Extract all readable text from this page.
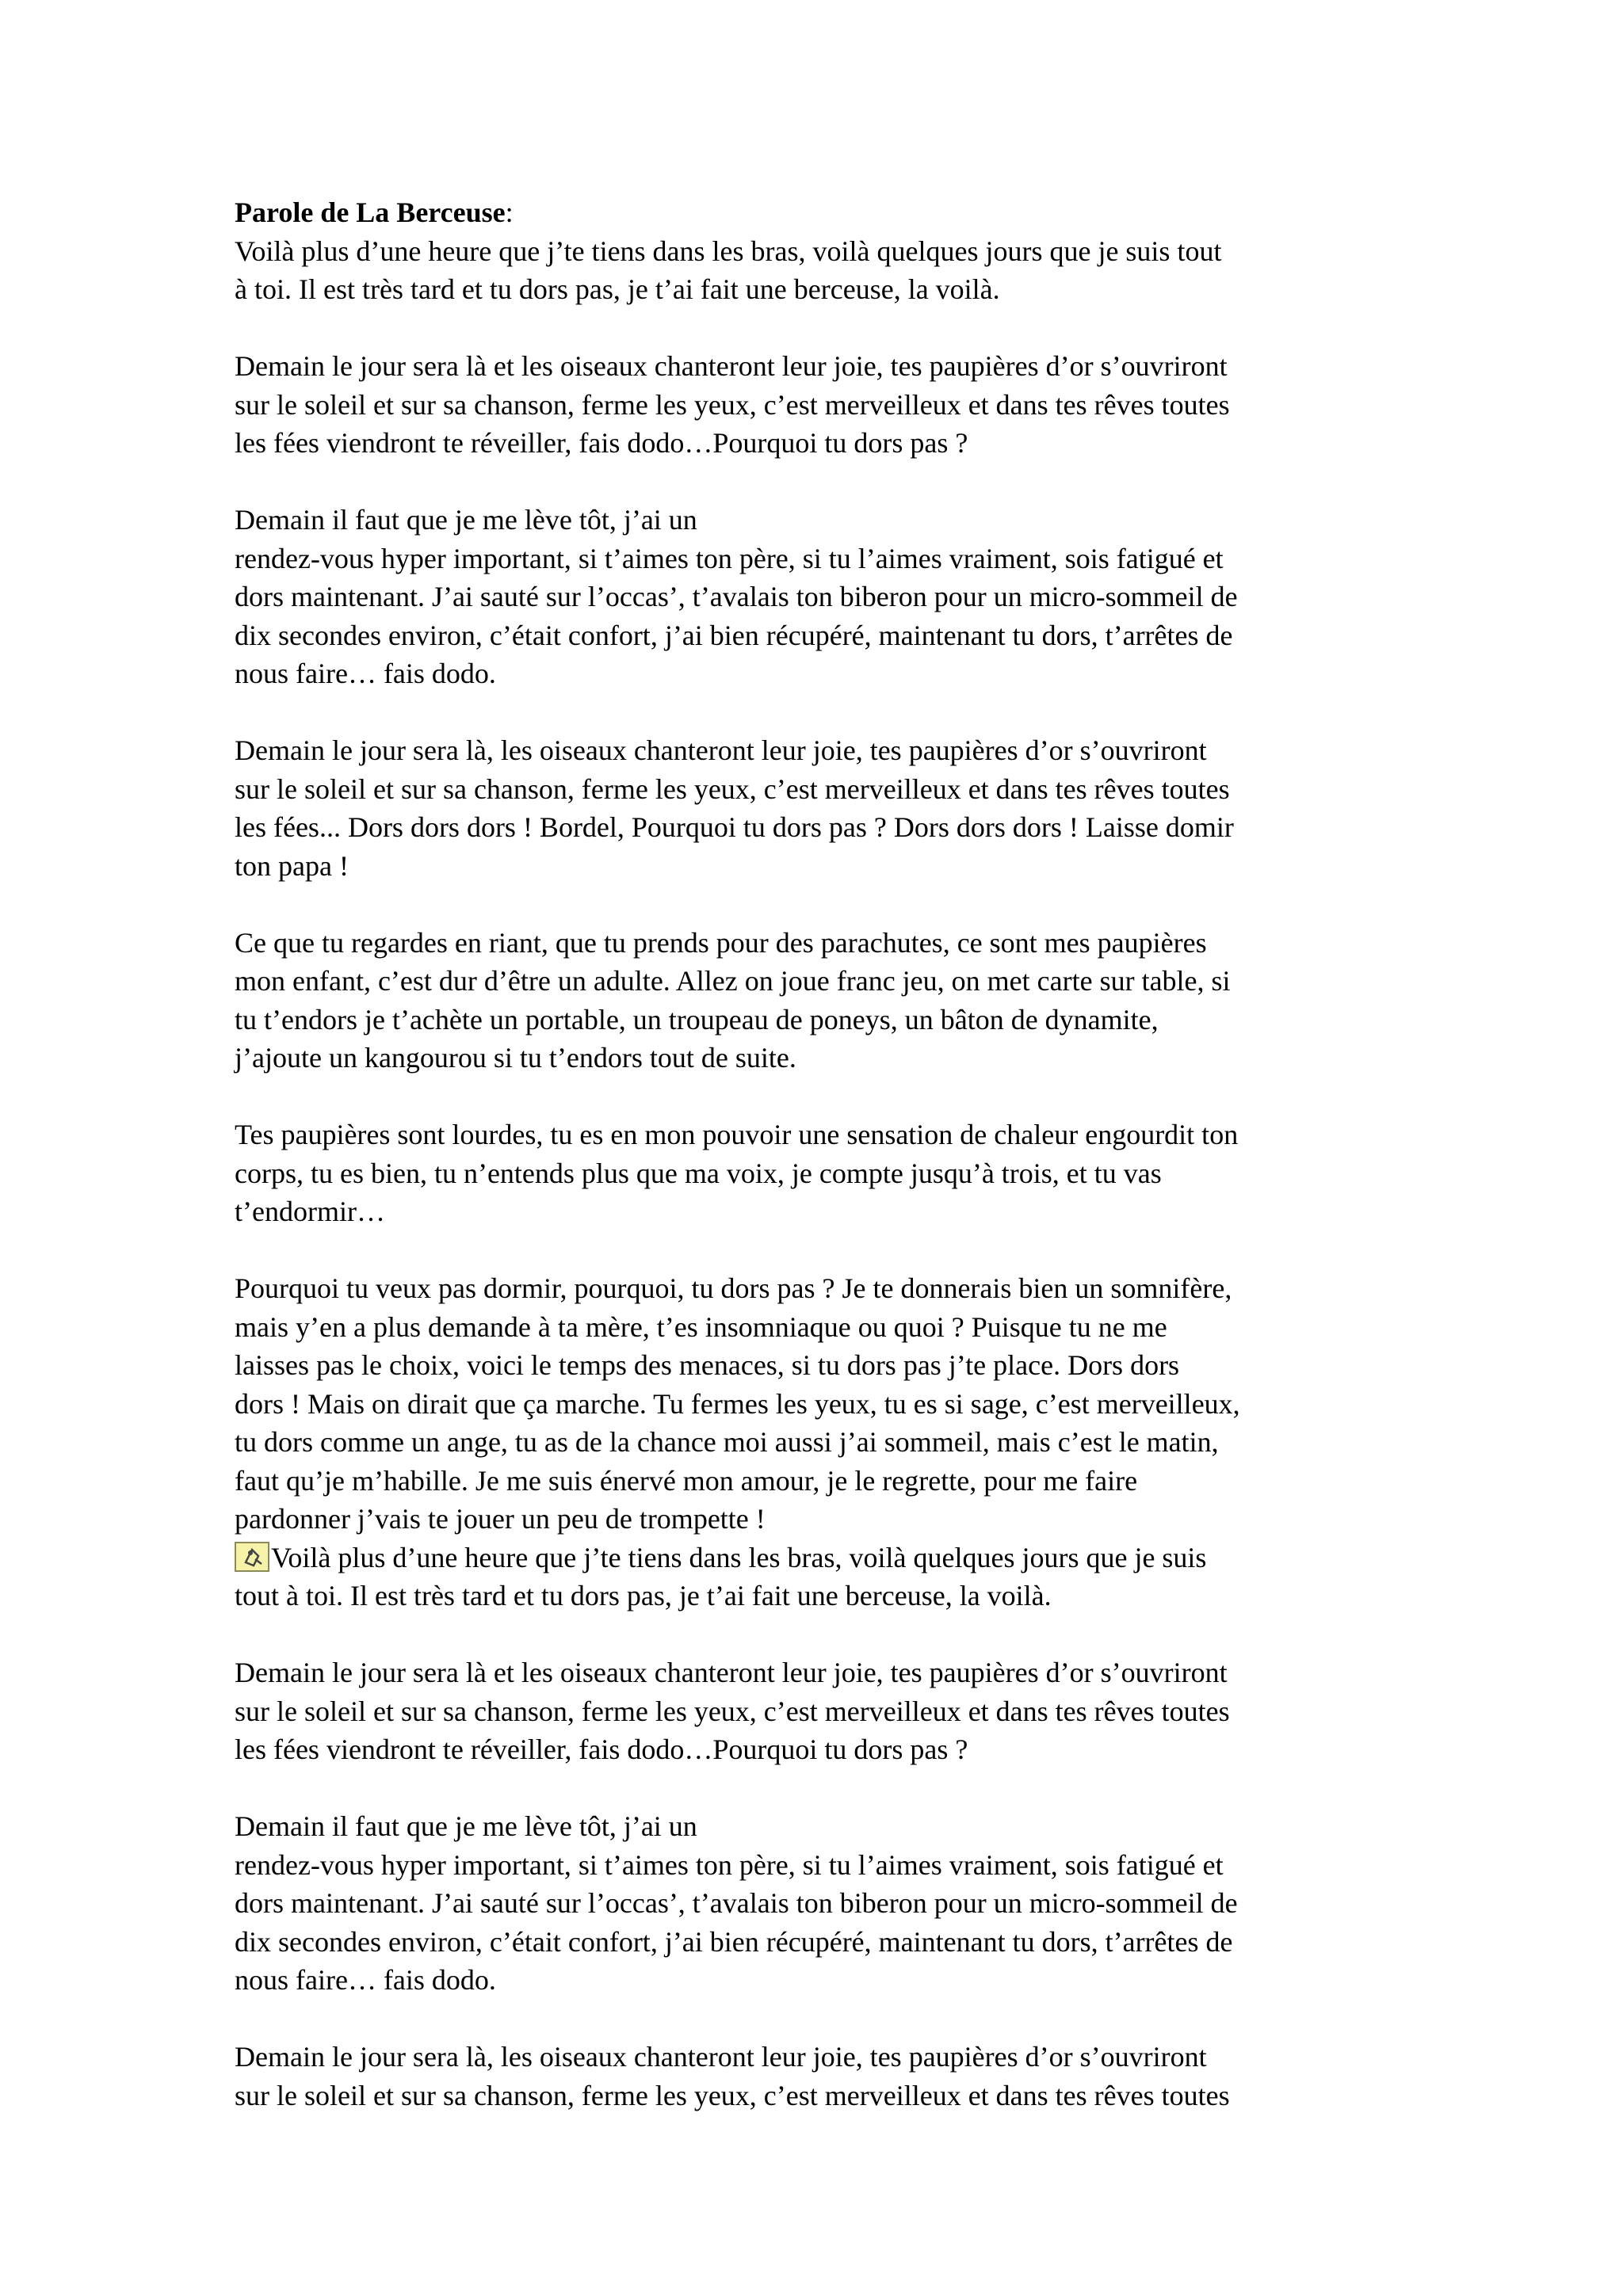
Parole de La Berceuse:
Voilà plus d’une heure que j’te tiens dans les bras, voilà quelques jours que je suis tout
à toi. Il est très tard et tu dors pas, je t’ai fait une berceuse, la voilà.
Demain le jour sera là et les oiseaux chanteront leur joie, tes paupières d’or s’ouvriront
sur le soleil et sur sa chanson, ferme les yeux, c’est merveilleux et dans tes rêves toutes
les fées viendront te réveiller, fais dodo…Pourquoi tu dors pas ?
Demain il faut que je me lève tôt, j’ai un
rendez-vous hyper important, si t’aimes ton père, si tu l’aimes vraiment, sois fatigué et
dors maintenant. J’ai sauté sur l’occas’, t’avalais ton biberon pour un micro-sommeil de
dix secondes environ, c’était confort, j’ai bien récupéré, maintenant tu dors, t’arrêtes de
nous faire… fais dodo.
Demain le jour sera là, les oiseaux chanteront leur joie, tes paupières d’or s’ouvriront
sur le soleil et sur sa chanson, ferme les yeux, c’est merveilleux et dans tes rêves toutes
les fées... Dors dors dors ! Bordel, Pourquoi tu dors pas ? Dors dors dors ! Laisse domir
ton papa !
Ce que tu regardes en riant, que tu prends pour des parachutes, ce sont mes paupières
mon enfant, c’est dur d’être un adulte. Allez on joue franc jeu, on met carte sur table, si
tu t’endors je t’achète un portable, un troupeau de poneys, un bâton de dynamite,
j’ajoute un kangourou si tu t’endors tout de suite.
Tes paupières sont lourdes, tu es en mon pouvoir une sensation de chaleur engourdit ton
corps, tu es bien, tu n’entends plus que ma voix, je compte jusqu’à trois, et tu vas
t’endormir…
Pourquoi tu veux pas dormir, pourquoi, tu dors pas ? Je te donnerais bien un somnifère,
mais y’en a plus demande à ta mère, t’es insomniaque ou quoi ? Puisque tu ne me
laisses pas le choix, voici le temps des menaces, si tu dors pas j’te place. Dors dors
dors ! Mais on dirait que ça marche. Tu fermes les yeux, tu es si sage, c’est merveilleux,
tu dors comme un ange, tu as de la chance moi aussi j’ai sommeil, mais c’est le matin,
faut qu’je m’habille. Je me suis énervé mon amour, je le regrette, pour me faire
pardonner j’vais te jouer un peu de trompette !
Voilà plus d’une heure que j’te tiens dans les bras, voilà quelques jours que je suis
tout à toi. Il est très tard et tu dors pas, je t’ai fait une berceuse, la voilà.
Demain le jour sera là et les oiseaux chanteront leur joie, tes paupières d’or s’ouvriront
sur le soleil et sur sa chanson, ferme les yeux, c’est merveilleux et dans tes rêves toutes
les fées viendront te réveiller, fais dodo…Pourquoi tu dors pas ?
Demain il faut que je me lève tôt, j’ai un
rendez-vous hyper important, si t’aimes ton père, si tu l’aimes vraiment, sois fatigué et
dors maintenant. J’ai sauté sur l’occas’, t’avalais ton biberon pour un micro-sommeil de
dix secondes environ, c’était confort, j’ai bien récupéré, maintenant tu dors, t’arrêtes de
nous faire… fais dodo.
Demain le jour sera là, les oiseaux chanteront leur joie, tes paupières d’or s’ouvriront
sur le soleil et sur sa chanson, ferme les yeux, c’est merveilleux et dans tes rêves toutes
